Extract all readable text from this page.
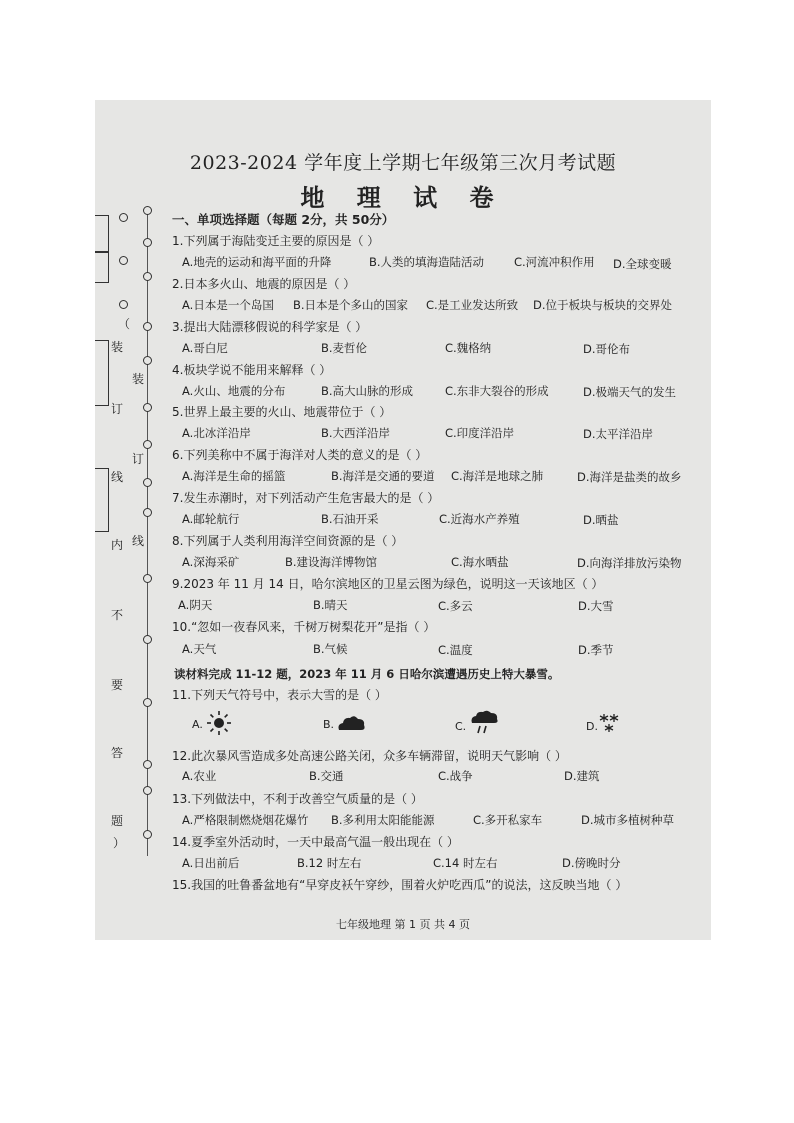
2023-2024 学年度上学期七年级第三次月考试题
地 理 试 卷
（
装
装
订
订
线
线
内
不
要
答
题
）
一、单项选择题（每题 2分，共 50分）
1.下列属于海陆变迁主要的原因是（ ）
A.地壳的运动和海平面的升降	B.人类的填海造陆活动	C.河流冲积作用 D.全球变暖
2.日本多火山、地震的原因是（ ）
A.日本是一个岛国 B.日本是个多山的国家 C.是工业发达所致 D.位于板块与板块的交界处
3.提出大陆漂移假说的科学家是（ ）
A.哥白尼	B.麦哲伦	C.魏格纳	D.哥伦布
4.板块学说不能用来解释（ ）
A.火山、地震的分布	B.高大山脉的形成	C.东非大裂谷的形成	D.极端天气的发生
5.世界上最主要的火山、地震带位于（ ）
A.北冰洋沿岸	B.大西洋沿岸	C.印度洋沿岸	D.太平洋沿岸
6.下列美称中不属于海洋对人类的意义的是（ ）
A.海洋是生命的摇篮	B.海洋是交通的要道 C.海洋是地球之肺	D.海洋是盐类的故乡
7.发生赤潮时，对下列活动产生危害最大的是（ ）
A.邮轮航行	B.石油开采	C.近海水产养殖	D.晒盐
8.下列属于人类利用海洋空间资源的是（ ）
A.深海采矿	B.建设海洋博物馆	C.海水晒盐	D.向海洋排放污染物
9.2023 年 11 月 14 日，哈尔滨地区的卫星云图为绿色，说明这一天该地区（ ）
A.阴天	B.晴天	C.多云	D.大雪
10.“忽如一夜春风来，千树万树梨花开”是指（ ）
A.天气	B.气候	C.温度	D.季节
读材料完成 11-12 题，2023 年 11 月 6 日哈尔滨遭遇历史上特大暴雪。
11.下列天气符号中，表示大雪的是（ ）
A.	B.	C.	D.
12.此次暴风雪造成多处高速公路关闭，众多车辆滞留，说明天气影响（ ）
A.农业	B.交通	C.战争	D.建筑
13.下列做法中，不利于改善空气质量的是（ ）
A.严格限制燃烧烟花爆竹 B.多利用太阳能能源	C.多开私家车	D.城市多植树种草
14.夏季室外活动时，一天中最高气温一般出现在（ ）
A.日出前后	B.12 时左右	C.14 时左右	D.傍晚时分
15.我国的吐鲁番盆地有“早穿皮袄午穿纱，围着火炉吃西瓜”的说法，这反映当地（ ）
七年级地理 第 1 页 共 4 页
